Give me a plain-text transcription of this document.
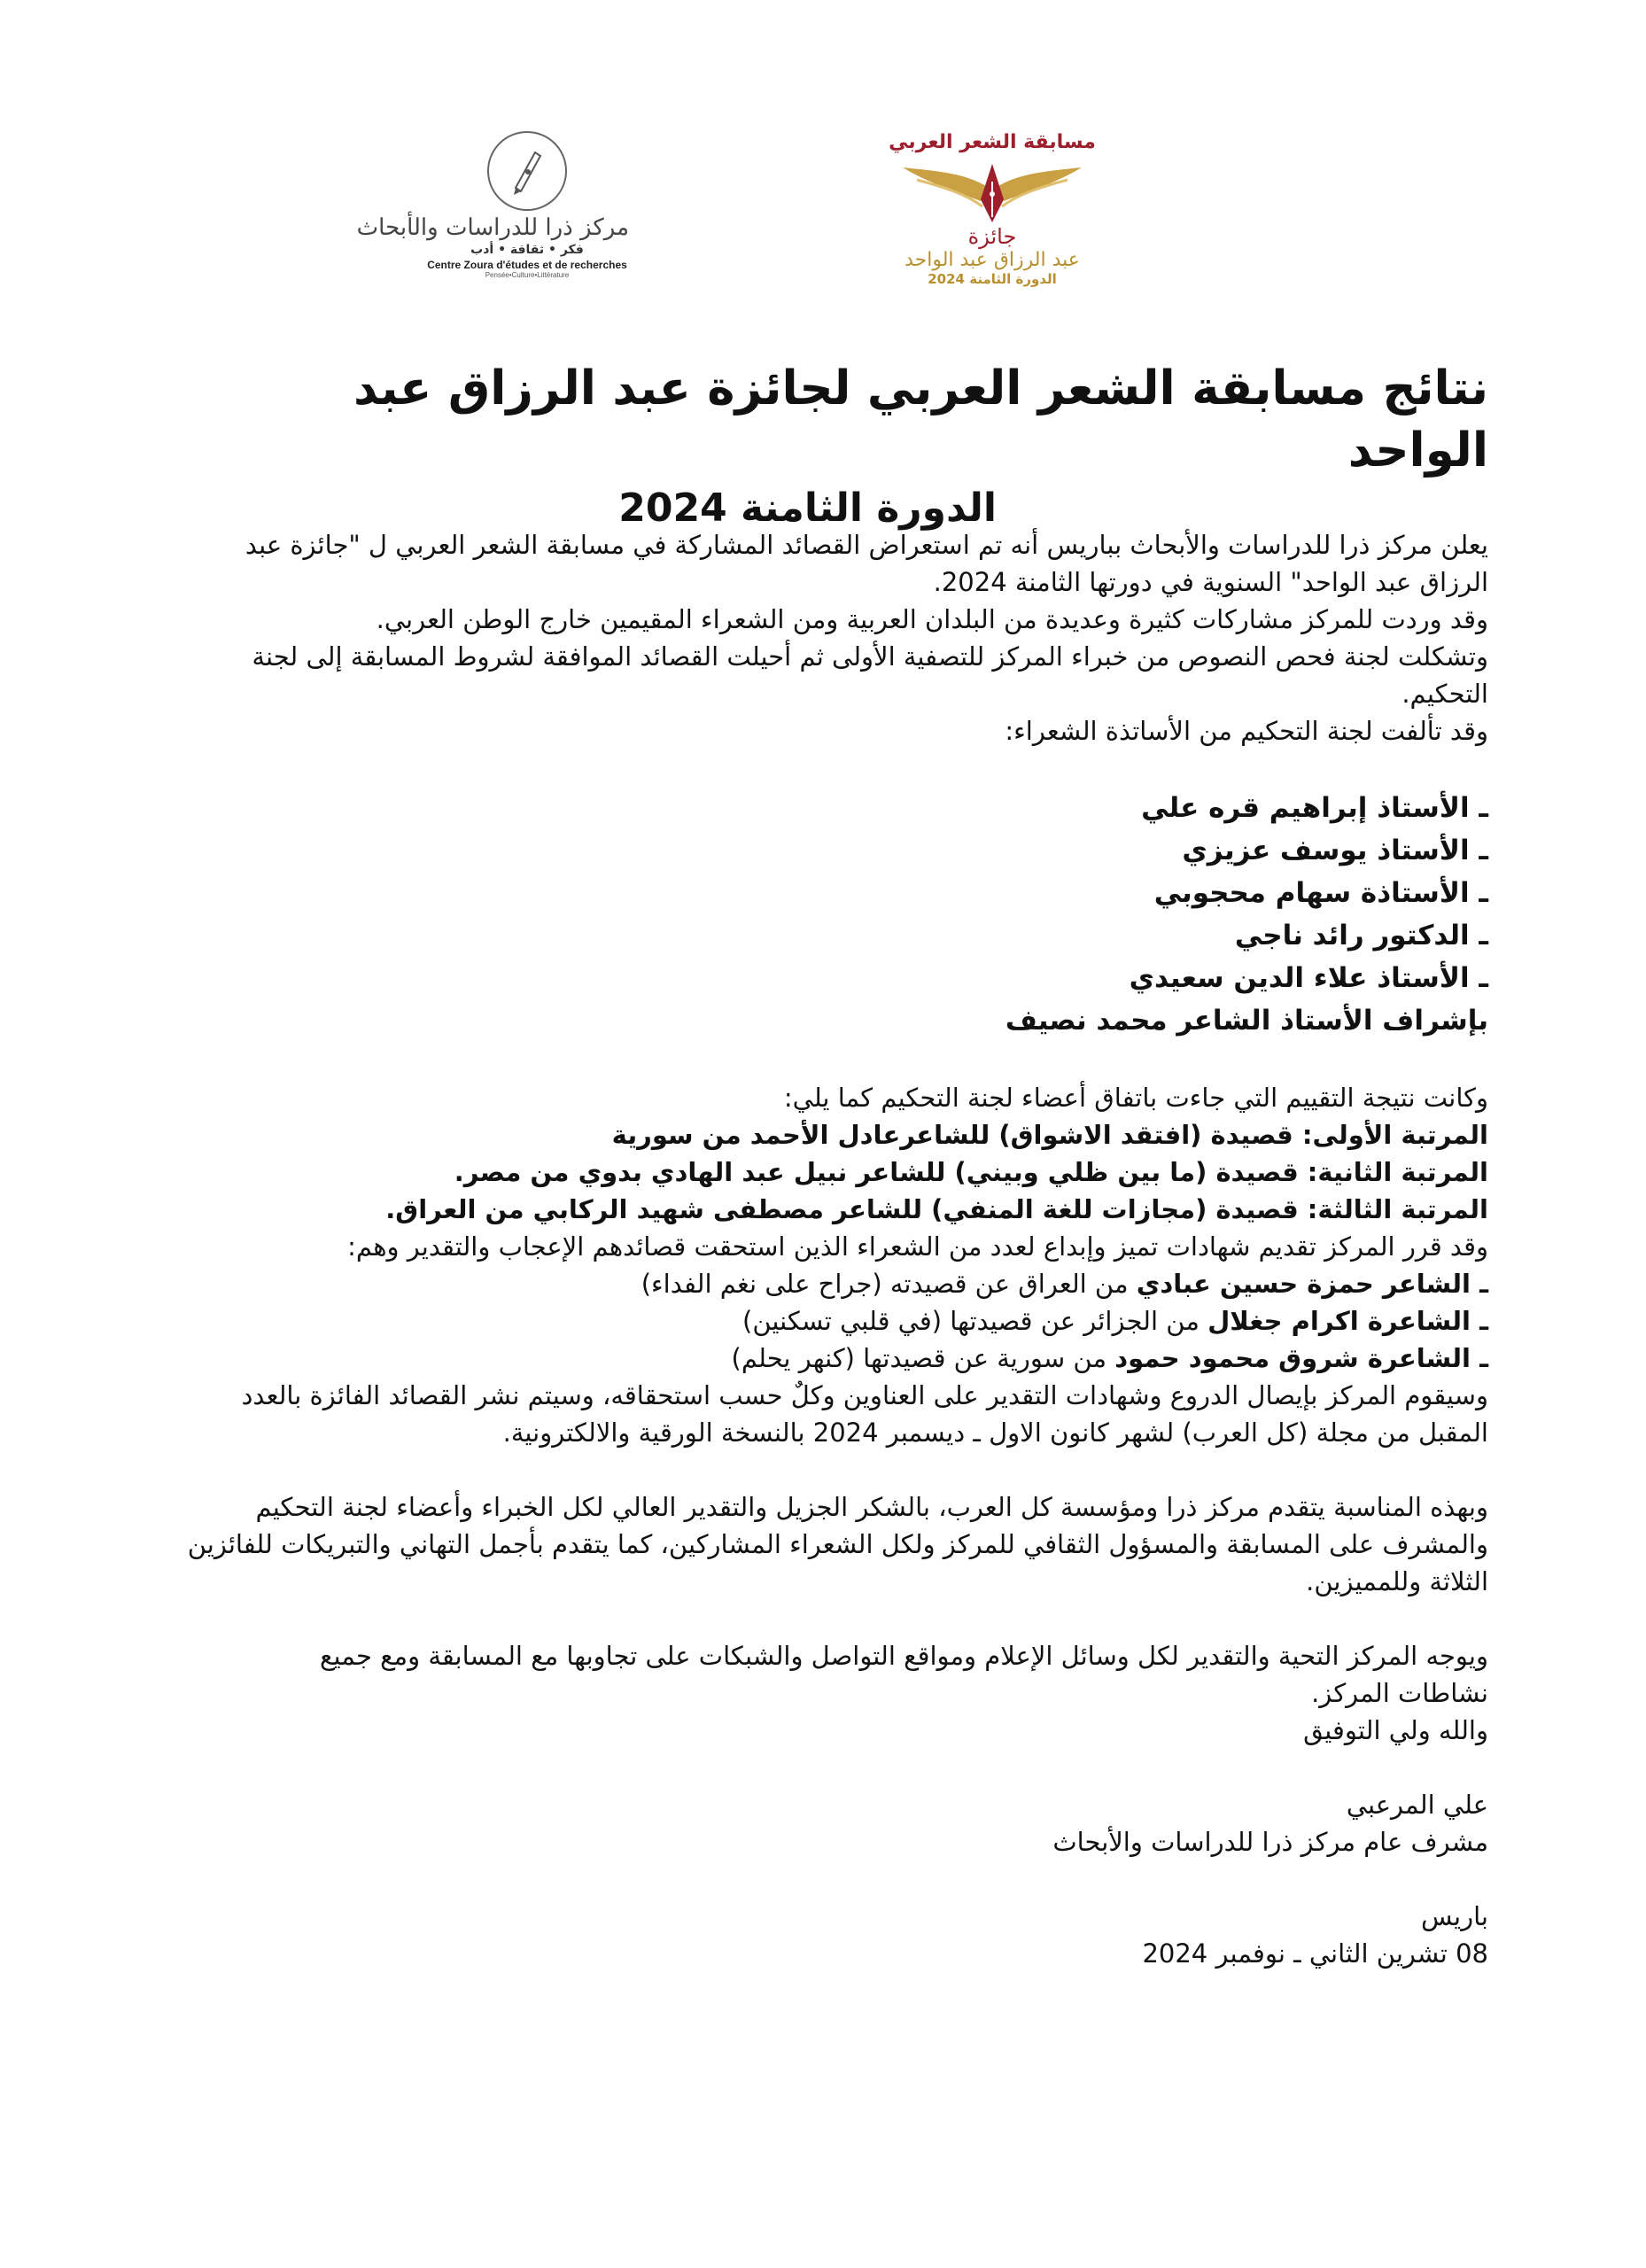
مركز ذرا للدراسات والأبحاث
فكر • ثقافة • أدب
Centre Zoura d'études et de recherches
Pensée•Culture•Littérature
مسابقة الشعر العربي
جائزة
عبد الرزاق عبد الواحد
الدورة الثامنة 2024
نتائج مسابقة الشعر العربي لجائزة عبد الرزاق عبد الواحد
الدورة الثامنة 2024

يعلن مركز ذرا للدراسات والأبحاث بباريس أنه تم استعراض القصائد المشاركة في مسابقة الشعر العربي ل "جائزة عبد

الرزاق عبد الواحد" السنوية في دورتها الثامنة 2024.

وقد وردت للمركز مشاركات كثيرة وعديدة من البلدان العربية ومن الشعراء المقيمين خارج الوطن العربي.

وتشكلت لجنة فحص النصوص من خبراء المركز للتصفية الأولى ثم أحيلت القصائد الموافقة لشروط المسابقة إلى لجنة

التحكيم.

وقد تألفت لجنة التحكيم من الأساتذة الشعراء:

ـ الأستاذ إبراهيم قره علي

ـ الأستاذ يوسف عزيزي

ـ الأستاذة سهام محجوبي

ـ الدكتور رائد ناجي

ـ الأستاذ علاء الدين سعيدي

بإشراف الأستاذ الشاعر محمد نصيف

وكانت نتيجة التقييم التي جاءت باتفاق أعضاء لجنة التحكيم كما يلي:

المرتبة الأولى: قصيدة (افتقد الاشواق) للشاعرعادل الأحمد من سورية

المرتبة الثانية: قصيدة (ما بين ظلي وبيني) للشاعر نبيل عبد الهادي بدوي من مصر.

المرتبة الثالثة: قصيدة (مجازات للغة المنفي) للشاعر مصطفى شهيد الركابي من العراق.

وقد قرر المركز تقديم شهادات تميز وإبداع لعدد من الشعراء الذين استحقت قصائدهم الإعجاب والتقدير وهم:

ـ الشاعر حمزة حسين عبادي من العراق عن قصيدته (جراح على نغم الفداء)

ـ الشاعرة اكرام جغلال من الجزائر عن قصيدتها (في قلبي تسكنين)

ـ الشاعرة شروق محمود حمود من سورية عن قصيدتها (كنهر يحلم)

وسيقوم المركز بإيصال الدروع وشهادات التقدير على العناوين وكلٌ حسب استحقاقه، وسيتم نشر القصائد الفائزة بالعدد

المقبل من مجلة (كل العرب) لشهر كانون الاول ـ ديسمبر 2024 بالنسخة الورقية والالكترونية.

وبهذه المناسبة يتقدم مركز ذرا ومؤسسة كل العرب، بالشكر الجزيل والتقدير العالي لكل الخبراء وأعضاء لجنة التحكيم

والمشرف على المسابقة والمسؤول الثقافي للمركز ولكل الشعراء المشاركين، كما يتقدم بأجمل التهاني والتبريكات للفائزين

الثلاثة وللمميزين.

ويوجه المركز التحية والتقدير لكل وسائل الإعلام ومواقع التواصل والشبكات على تجاوبها مع المسابقة ومع جميع

نشاطات المركز.

والله ولي التوفيق

علي المرعبي

مشرف عام مركز ذرا للدراسات والأبحاث

باريس

08 تشرين الثاني ـ نوفمبر 2024
